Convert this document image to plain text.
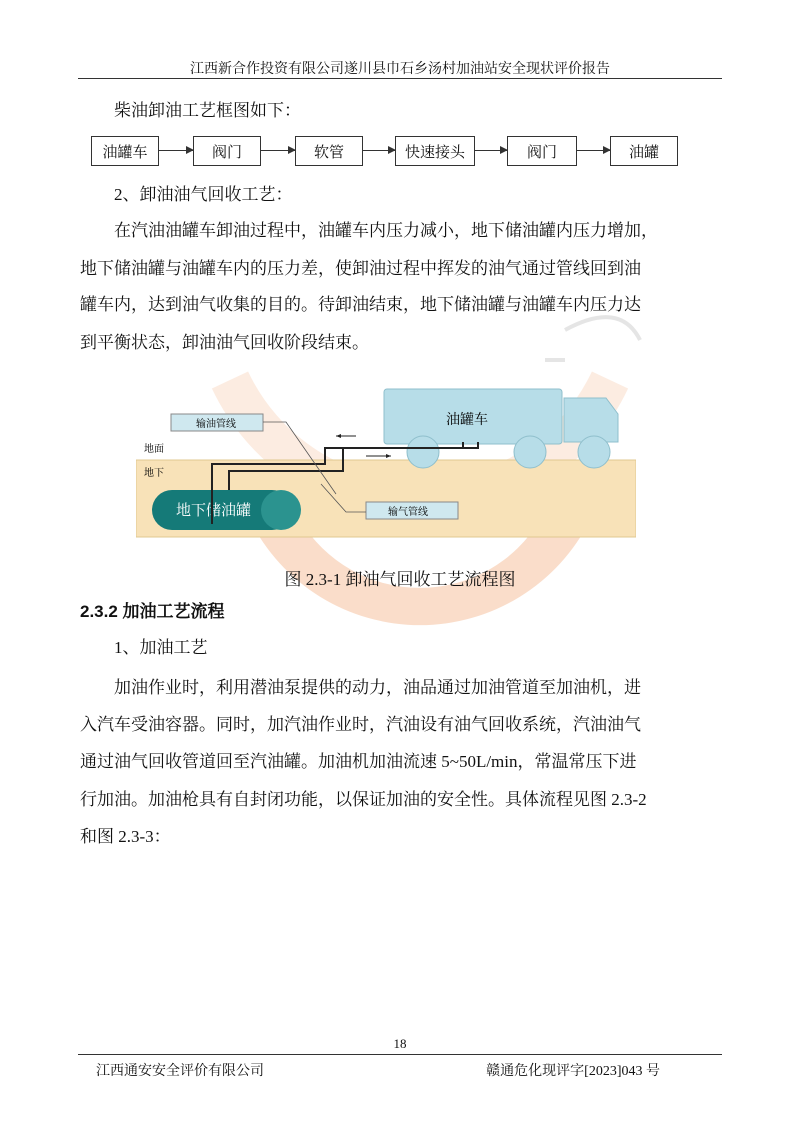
江西新合作投资有限公司遂川县巾石乡汤村加油站安全现状评价报告
柴油卸油工艺框图如下：
油罐车	阀门	软管	快速接头	阀门	油罐
2、卸油油气回收工艺：
在汽油油罐车卸油过程中，油罐车内压力减小，地下储油罐内压力增加，
地下储油罐与油罐车内的压力差，使卸油过程中挥发的油气通过管线回到油
罐车内，达到油气收集的目的。待卸油结束，地下储油罐与油罐车内压力达
到平衡状态，卸油油气回收阶段结束。
油罐车
输油管线
输气管线
地面
地下
地下储油罐
图 2.3-1 卸油气回收工艺流程图
2.3.2 加油工艺流程
1、加油工艺
加油作业时，利用潜油泵提供的动力，油品通过加油管道至加油机，进
入汽车受油容器。同时，加汽油作业时，汽油设有油气回收系统，汽油油气
通过油气回收管道回至汽油罐。加油机加油流速 5~50L/min，常温常压下进
行加油。加油枪具有自封闭功能，以保证加油的安全性。具体流程见图 2.3-2
和图 2.3-3：
18
江西通安安全评价有限公司	赣通危化现评字[2023]043 号
